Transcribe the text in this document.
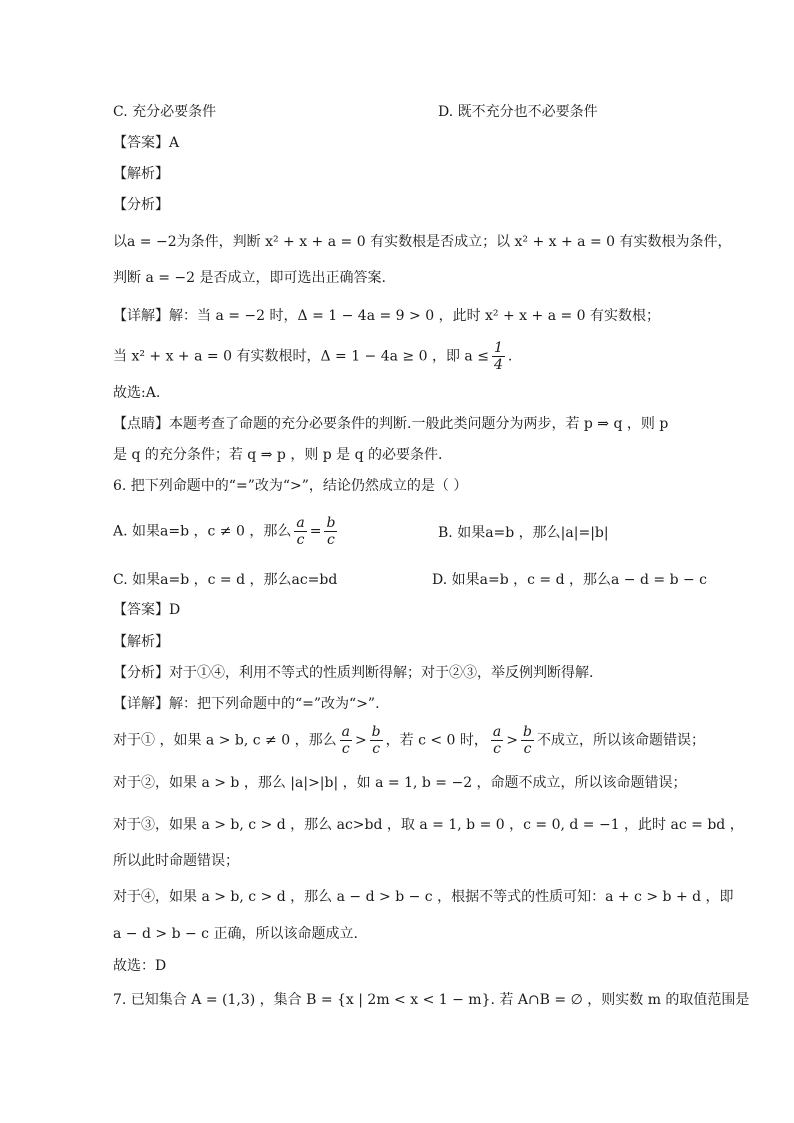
C. 充分必要条件	D. 既不充分也不必要条件
【答案】A
【解析】
【分析】
以a = −2为条件，判断 x² + x + a = 0 有实数根是否成立；以 x² + x + a = 0 有实数根为条件，
判断 a = −2 是否成立，即可选出正确答案.
【详解】解：当 a = −2 时，Δ = 1 − 4a = 9 > 0 ，此时 x² + x + a = 0 有实数根；
当 x² + x + a = 0 有实数根时，Δ = 1 − 4a ≥ 0 ，即 $a \le \frac{1}{4}$ .
故选:A.
【点睛】本题考查了命题的充分必要条件的判断.一般此类问题分为两步，若 p ⇒ q ，则 p
是 q 的充分条件；若 q ⇒ p ，则 p 是 q 的必要条件.
6. 把下列命题中的“=”改为“>”，结论仍然成立的是（ ）
A. 如果a=b ，c ≠ 0 ，那么 $\frac{a}{c} = \frac{b}{c}$	B. 如果a=b ，那么|a|=|b|
C. 如果a=b ，c = d ，那么ac=bd	D. 如果a=b ，c = d ，那么a − d = b − c
【答案】D
【解析】
【分析】对于①④，利用不等式的性质判断得解；对于②③，举反例判断得解.
【详解】解：把下列命题中的“=”改为“>”.
对于① ，如果 a > b, c ≠ 0 ，那么 $\frac{a}{c} > \frac{b}{c}$ ，若 c < 0 时， $\frac{a}{c} > \frac{b}{c}$ 不成立，所以该命题错误；
对于②，如果 a > b ，那么 |a|>|b| ，如 a = 1, b = −2 ，命题不成立，所以该命题错误；
对于③，如果 a > b, c > d ，那么 ac>bd ，取 a = 1, b = 0 ，c = 0, d = −1 ，此时 ac = bd ，
所以此时命题错误；
对于④，如果 a > b, c > d ，那么 a − d > b − c ，根据不等式的性质可知：a + c > b + d ，即
a − d > b − c 正确，所以该命题成立.
故选：D
7. 已知集合 A = (1,3) ，集合 B = {x | 2m < x < 1 − m}. 若 A∩B = ∅ ，则实数 m 的取值范围是
